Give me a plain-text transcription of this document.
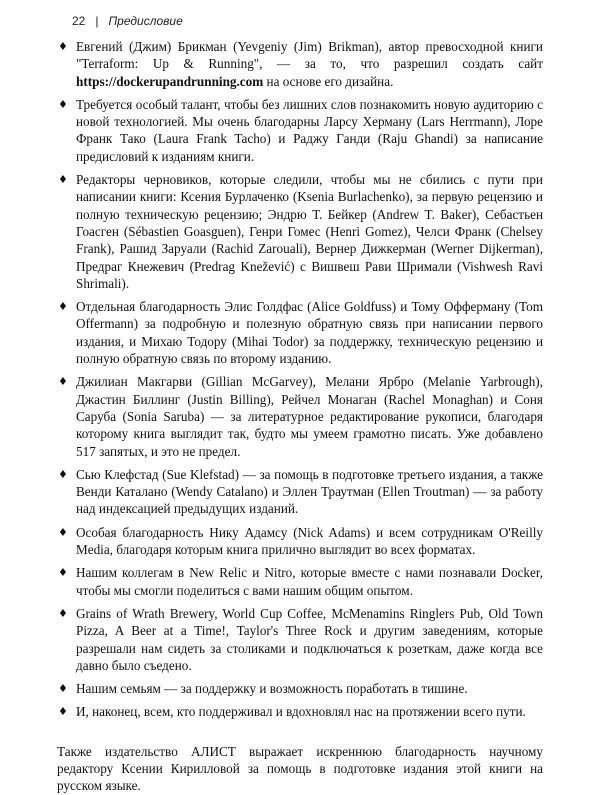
22 | Предисловие
♦ Евгений (Джим) Брикман (Yevgeniy (Jim) Brikman), автор превосходной книги "Terraform: Up & Running", — за то, что разрешил создать сайт https://dockerupandrunning.com на основе его дизайна.
♦ Требуется особый талант, чтобы без лишних слов познакомить новую аудиторию с новой технологией. Мы очень благодарны Ларсу Херману (Lars Herrmann), Лоре Франк Тако (Laura Frank Tacho) и Раджу Ганди (Raju Ghandi) за написание предисловий к изданиям книги.
♦ Редакторы черновиков, которые следили, чтобы мы не сбились с пути при написании книги: Ксения Бурлаченко (Ksenia Burlachenko), за первую рецензию и полную техническую рецензию; Эндрю Т. Бейкер (Andrew T. Baker), Себастьен Гоасген (Sébastien Goasguen), Генри Гомес (Henri Gomez), Челси Франк (Chelsey Frank), Рашид Заруали (Rachid Zarouali), Вернер Дижкерман (Werner Dijkerman), Предраг Кнежевич (Predrag Knežević) с Вишвеш Рави Шримали (Vishwesh Ravi Shrimali).
♦ Отдельная благодарность Элис Голдфас (Alice Goldfuss) и Тому Офферману (Tom Offermann) за подробную и полезную обратную связь при написании первого издания, и Михаю Тодору (Mihai Todor) за поддержку, техническую рецензию и полную обратную связь по второму изданию.
♦ Джилиан Макгарви (Gillian McGarvey), Мелани Ярбро (Melanie Yarbrough), Джастин Биллинг (Justin Billing), Рейчел Монаган (Rachel Monaghan) и Соня Саруба (Sonia Saruba) — за литературное редактирование рукописи, благодаря которому книга выглядит так, будто мы умеем грамотно писать. Уже добавлено 517 запятых, и это не предел.
♦ Сью Клефстад (Sue Klefstad) — за помощь в подготовке третьего издания, а также Венди Каталано (Wendy Catalano) и Эллен Траутман (Ellen Troutman) — за работу над индексацией предыдущих изданий.
♦ Особая благодарность Нику Адамсу (Nick Adams) и всем сотрудникам O'Reilly Media, благодаря которым книга прилично выглядит во всех форматах.
♦ Нашим коллегам в New Relic и Nitro, которые вместе с нами познавали Docker, чтобы мы смогли поделиться с вами нашим общим опытом.
♦ Grains of Wrath Brewery, World Cup Coffee, McMenamins Ringlers Pub, Old Town Pizza, A Beer at a Time!, Taylor's Three Rock и другим заведениям, которые разрешали нам сидеть за столиками и подключаться к розеткам, даже когда все давно было съедено.
♦ Нашим семьям — за поддержку и возможность поработать в тишине.
♦ И, наконец, всем, кто поддерживал и вдохновлял нас на протяжении всего пути.

Также издательство АЛИСТ выражает искреннюю благодарность научному редактору Ксении Кирилловой за помощь в подготовке издания этой книги на русском языке.
